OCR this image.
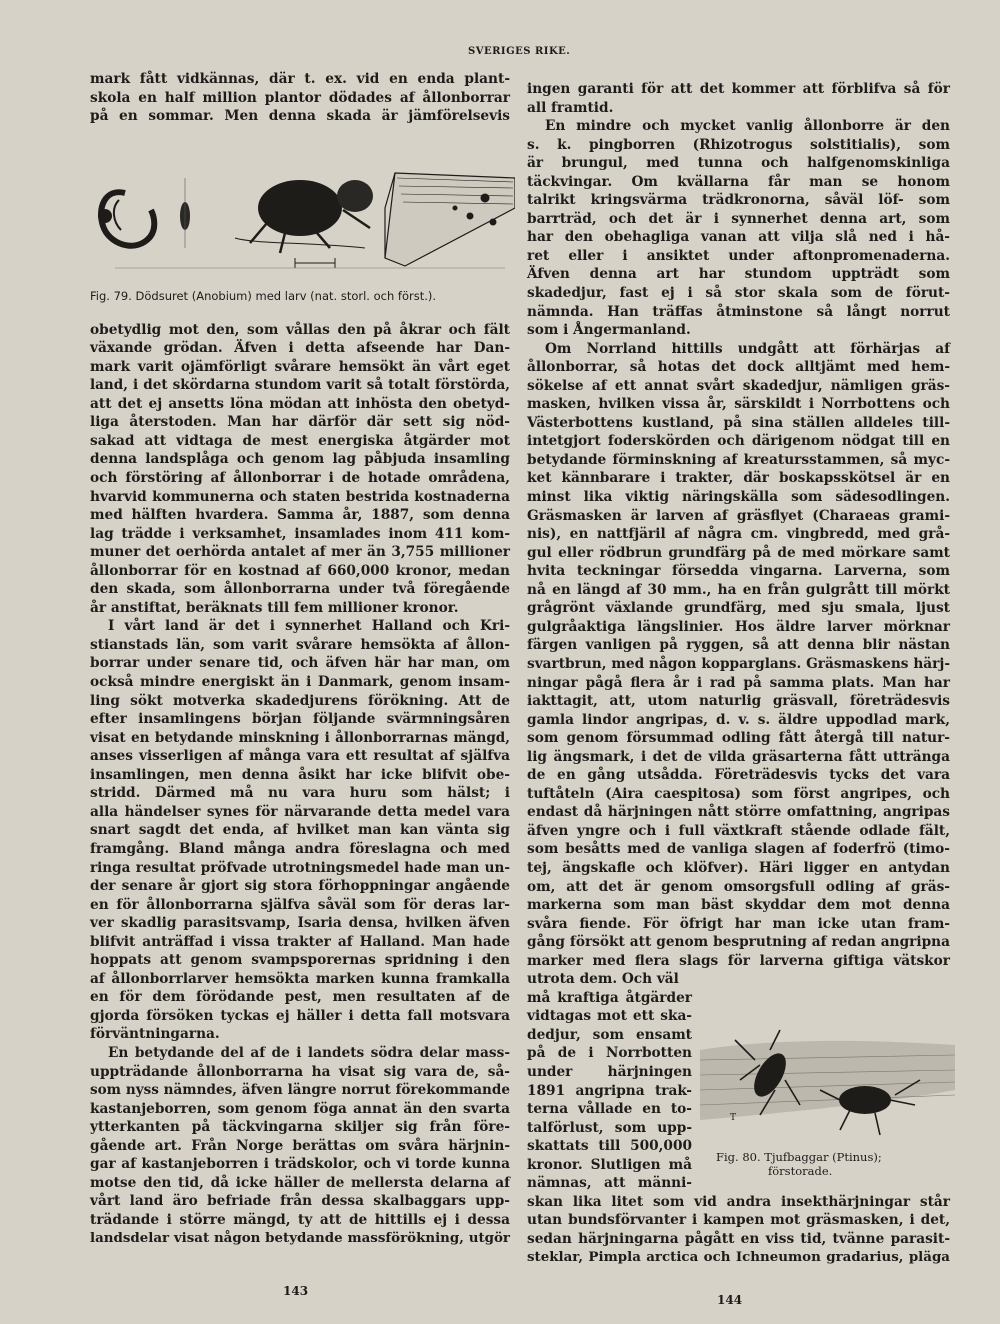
SVERIGES RIKE.
mark fått vidkännas, där t. ex. vid en enda plant-
skola en half million plantor dödades af ållonborrar
på en sommar. Men denna skada är jämförelsevis
obetydlig mot den, som vållas den på åkrar och fält
växande grödan. Äfven i detta afseende har Dan-
mark varit ojämförligt svårare hemsökt än vårt eget
land, i det skördarna stundom varit så totalt förstörda,
att det ej ansetts löna mödan att inhösta den obetyd-
liga återstoden. Man har därför där sett sig nöd-
sakad att vidtaga de mest energiska åtgärder mot
denna landsplåga och genom lag påbjuda insamling
och förstöring af ållonborrar i de hotade områdena,
hvarvid kommunerna och staten bestrida kostnaderna
med hälften hvardera. Samma år, 1887, som denna
lag trädde i verksamhet, insamlades inom 411 kom-
muner det oerhörda antalet af mer än 3,755 millioner
ållonborrar för en kostnad af 660,000 kronor, medan
den skada, som ållonborrarna under två föregående
år anstiftat, beräknats till fem millioner kronor.
I vårt land är det i synnerhet Halland och Kri-
stianstads län, som varit svårare hemsökta af ållon-
borrar under senare tid, och äfven här har man, om
också mindre energiskt än i Danmark, genom insam-
ling sökt motverka skadedjurens förökning. Att de
efter insamlingens början följande svärmningsåren
visat en betydande minskning i ållonborrarnas mängd,
anses visserligen af många vara ett resultat af själfva
insamlingen, men denna åsikt har icke blifvit obe-
stridd. Därmed må nu vara huru som hälst; i
alla händelser synes för närvarande detta medel vara
snart sagdt det enda, af hvilket man kan vänta sig
framgång. Bland många andra föreslagna och med
ringa resultat pröfvade utrotningsmedel hade man un-
der senare år gjort sig stora förhoppningar angående
en för ållonborrarna själfva såväl som för deras lar-
ver skadlig parasitsvamp, Isaria densa, hvilken äfven
blifvit anträffad i vissa trakter af Halland. Man hade
hoppats att genom svampsporernas spridning i den
af ållonborrlarver hemsökta marken kunna framkalla
en för dem förödande pest, men resultaten af de
gjorda försöken tyckas ej häller i detta fall motsvara
förväntningarna.
En betydande del af de i landets södra delar mass-
uppträdande ållonborrarna ha visat sig vara de, så-
som nyss nämndes, äfven längre norrut förekommande
kastanjeborren, som genom föga annat än den svarta
ytterkanten på täckvingarna skiljer sig från före-
gående art. Från Norge berättas om svåra härjnin-
gar af kastanjeborren i trädskolor, och vi torde kunna
motse den tid, då icke häller de mellersta delarna af
vårt land äro befriade från dessa skalbaggars upp-
trädande i större mängd, ty att de hittills ej i dessa
landsdelar visat någon betydande massförökning, utgör
Fig. 79. Dödsuret (Anobium) med larv (nat. storl. och först.).
ingen garanti för att det kommer att förblifva så för
all framtid.
En mindre och mycket vanlig ållonborre är den
s. k. pingborren (Rhizotrogus solstitialis), som
är brungul, med tunna och halfgenomskinliga
täckvingar. Om kvällarna får man se honom
talrikt kringsvärma trädkronorna, såväl löf- som
barrträd, och det är i synnerhet denna art, som
har den obehagliga vanan att vilja slå ned i hå-
ret eller i ansiktet under aftonpromenaderna.
Äfven denna art har stundom uppträdt som
skadedjur, fast ej i så stor skala som de förut-
nämnda. Han träffas åtminstone så långt norrut
som i Ångermanland.
Om Norrland hittills undgått att förhärjas af
ållonborrar, så hotas det dock alltjämt med hem-
sökelse af ett annat svårt skadedjur, nämligen gräs-
masken, hvilken vissa år, särskildt i Norrbottens och
Västerbottens kustland, på sina ställen alldeles till-
intetgjort foderskörden och därigenom nödgat till en
betydande förminskning af kreatursstammen, så myc-
ket kännbarare i trakter, där boskapsskötsel är en
minst lika viktig näringskälla som sädesodlingen.
Gräsmasken är larven af gräsflyet (Charaeas grami-
nis), en nattfjäril af några cm. vingbredd, med grå-
gul eller rödbrun grundfärg på de med mörkare samt
hvita teckningar försedda vingarna. Larverna, som
nå en längd af 30 mm., ha en från gulgrått till mörkt
grågrönt växlande grundfärg, med sju smala, ljust
gulgråaktiga längslinier. Hos äldre larver mörknar
färgen vanligen på ryggen, så att denna blir nästan
svartbrun, med någon kopparglans. Gräsmaskens härj-
ningar pågå flera år i rad på samma plats. Man har
iakttagit, att, utom naturlig gräsvall, företrädesvis
gamla lindor angripas, d. v. s. äldre uppodlad mark,
som genom försummad odling fått återgå till natur-
lig ängsmark, i det de vilda gräsarterna fått utträngа
de en gång utsådda. Företrädesvis tycks det vara
tuftåteln (Aira caespitosa) som först angripes, och
endast då härjningen nått större omfattning, angripas
äfven yngre och i full växtkraft stående odlade fält,
som besåtts med de vanliga slagen af foderfrö (timo-
tej, ängskafle och klöfver). Häri ligger en antydan
om, att det är genom omsorgsfull odling af gräs-
markerna som man bäst skyddar dem mot denna
svåra fiende. För öfrigt har man icke utan fram-
gång försökt att genom besprutning af redan angripna
marker med flera slags för larverna giftiga vätskor
utrota dem. Och väl
må kraftiga åtgärder
vidtagas mot ett ska-
dedjur, som ensamt
på de i Norrbotten
under härjningen
1891 angripna trak-
terna vållade en to-
talförlust, som upp-
skattats till 500,000
kronor. Slutligen må
nämnas, att männi-
skan lika litet som vid andra insekthärjningar står
utan bundsförvanter i kampen mot gräsmasken, i det,
sedan härjningarna pågått en viss tid, tvänne parasit-
steklar, Pimpla arctica och Ichneumon gradarius, pläga
T
Fig. 80. Tjufbaggar (Ptinus);
förstorade.
143
144
